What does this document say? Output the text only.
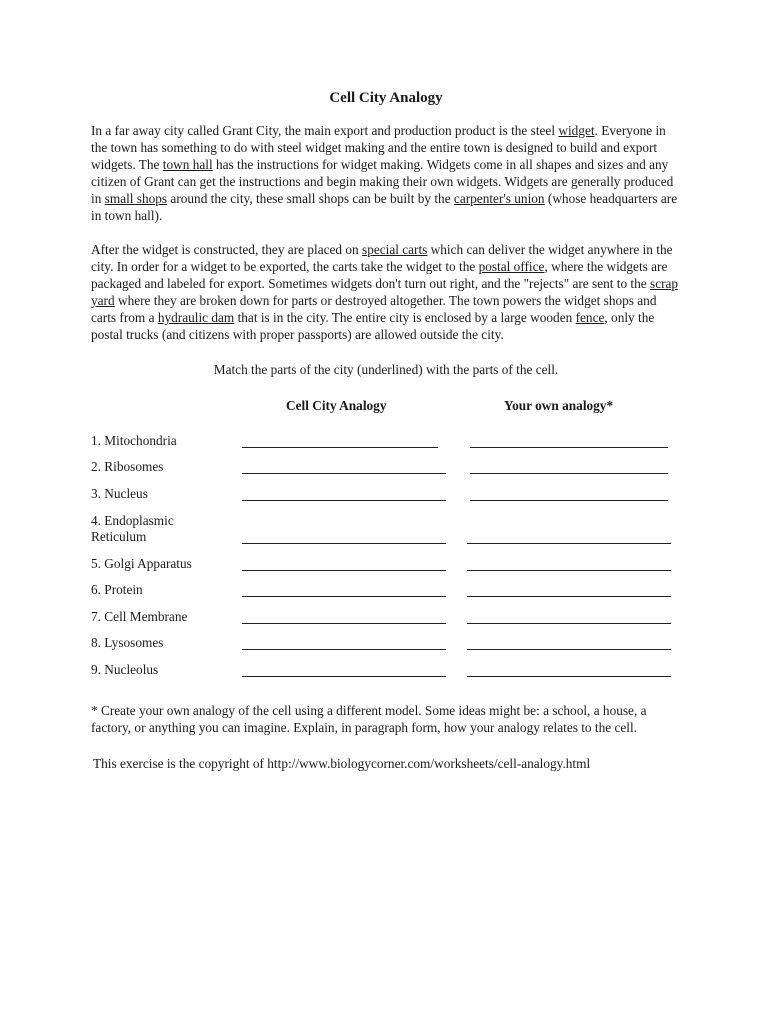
Cell City Analogy

In a far away city called Grant City, the main export and production product is the steel widget. Everyone in the town has something to do with steel widget making and the entire town is designed to build and export widgets. The town hall has the instructions for widget making. Widgets come in all shapes and sizes and any citizen of Grant can get the instructions and begin making their own widgets. Widgets are generally produced in small shops around the city, these small shops can be built by the carpenter's union (whose headquarters are in town hall).

After the widget is constructed, they are placed on special carts which can deliver the widget anywhere in the city. In order for a widget to be exported, the carts take the widget to the postal office, where the widgets are packaged and labeled for export. Sometimes widgets don't turn out right, and the "rejects" are sent to the scrap yard where they are broken down for parts or destroyed altogether. The town powers the widget shops and carts from a hydraulic dam that is in the city. The entire city is enclosed by a large wooden fence, only the postal trucks (and citizens with proper passports) are allowed outside the city.

Match the parts of the city (underlined) with the parts of the cell.
Cell City Analogy	Your own analogy*
1. Mitochondria
2. Ribosomes
3. Nucleus
4. Endoplasmic Reticulum
5. Golgi Apparatus
6. Protein
7. Cell Membrane
8. Lysosomes
9. Nucleolus

* Create your own analogy of the cell using a different model. Some ideas might be: a school, a house, a factory, or anything you can imagine. Explain, in paragraph form, how your analogy relates to the cell.

This exercise is the copyright of http://www.biologycorner.com/worksheets/cell-analogy.html
